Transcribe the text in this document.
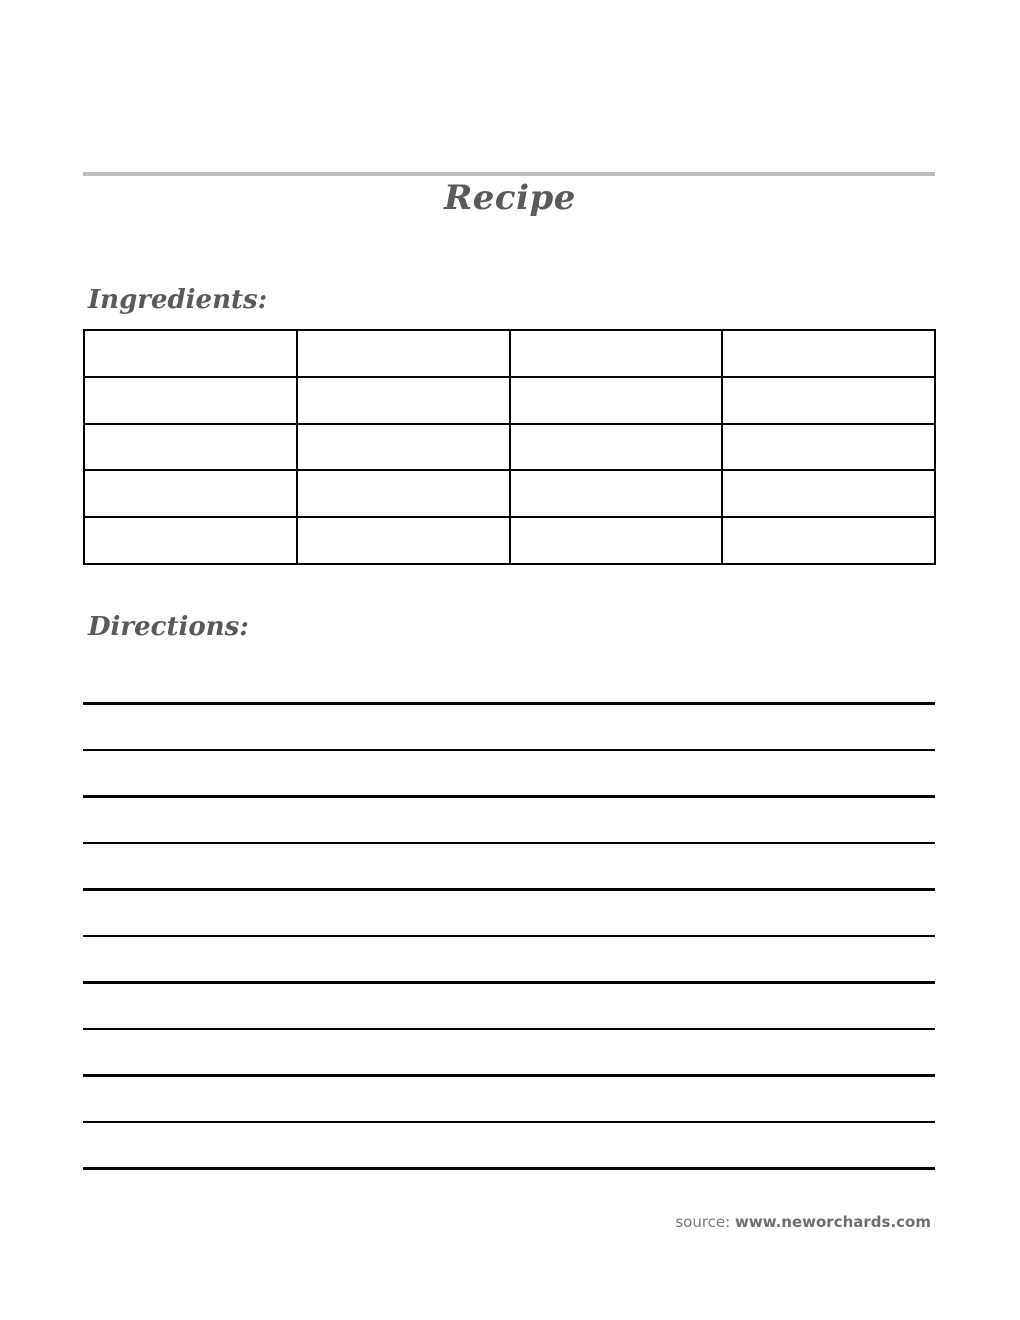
Recipe
Ingredients:

Directions:
source: www.neworchards.com
